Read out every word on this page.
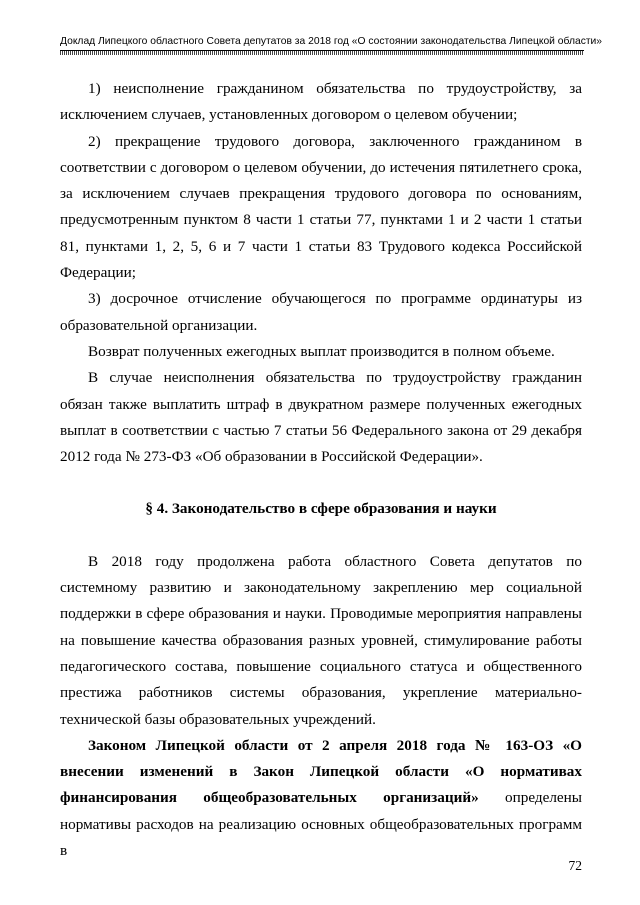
Доклад Липецкого областного Совета депутатов за 2018 год «О состоянии законодательства Липецкой области»

1) неисполнение гражданином обязательства по трудоустройству, за исключением случаев, установленных договором о целевом обучении;

2) прекращение трудового договора, заключенного гражданином в соответствии с договором о целевом обучении, до истечения пятилетнего срока, за исключением случаев прекращения трудового договора по основаниям, предусмотренным пунктом 8 части 1 статьи 77, пунктами 1 и 2 части 1 статьи 81, пунктами 1, 2, 5, 6 и 7 части 1 статьи 83 Трудового кодекса Российской Федерации;

3) досрочное отчисление обучающегося по программе ординатуры из образовательной организации.

Возврат полученных ежегодных выплат производится в полном объеме.

В случае неисполнения обязательства по трудоустройству гражданин обязан также выплатить штраф в двукратном размере полученных ежегодных выплат в соответствии с частью 7 статьи 56 Федерального закона от 29 декабря 2012 года № 273-ФЗ «Об образовании в Российской Федерации».

§ 4. Законодательство в сфере образования и науки

В 2018 году продолжена работа областного Совета депутатов по системному развитию и законодательному закреплению мер социальной поддержки в сфере образования и науки. Проводимые мероприятия направлены на повышение качества образования разных уровней, стимулирование работы педагогического состава, повышение социального статуса и общественного престижа работников системы образования, укрепление материально-технической базы образовательных учреждений.

Законом Липецкой области от 2 апреля 2018 года № 163-ОЗ «О внесении изменений в Закон Липецкой области «О нормативах финансирования общеобразовательных организаций» определены нормативы расходов на реализацию основных общеобразовательных программ в

72
